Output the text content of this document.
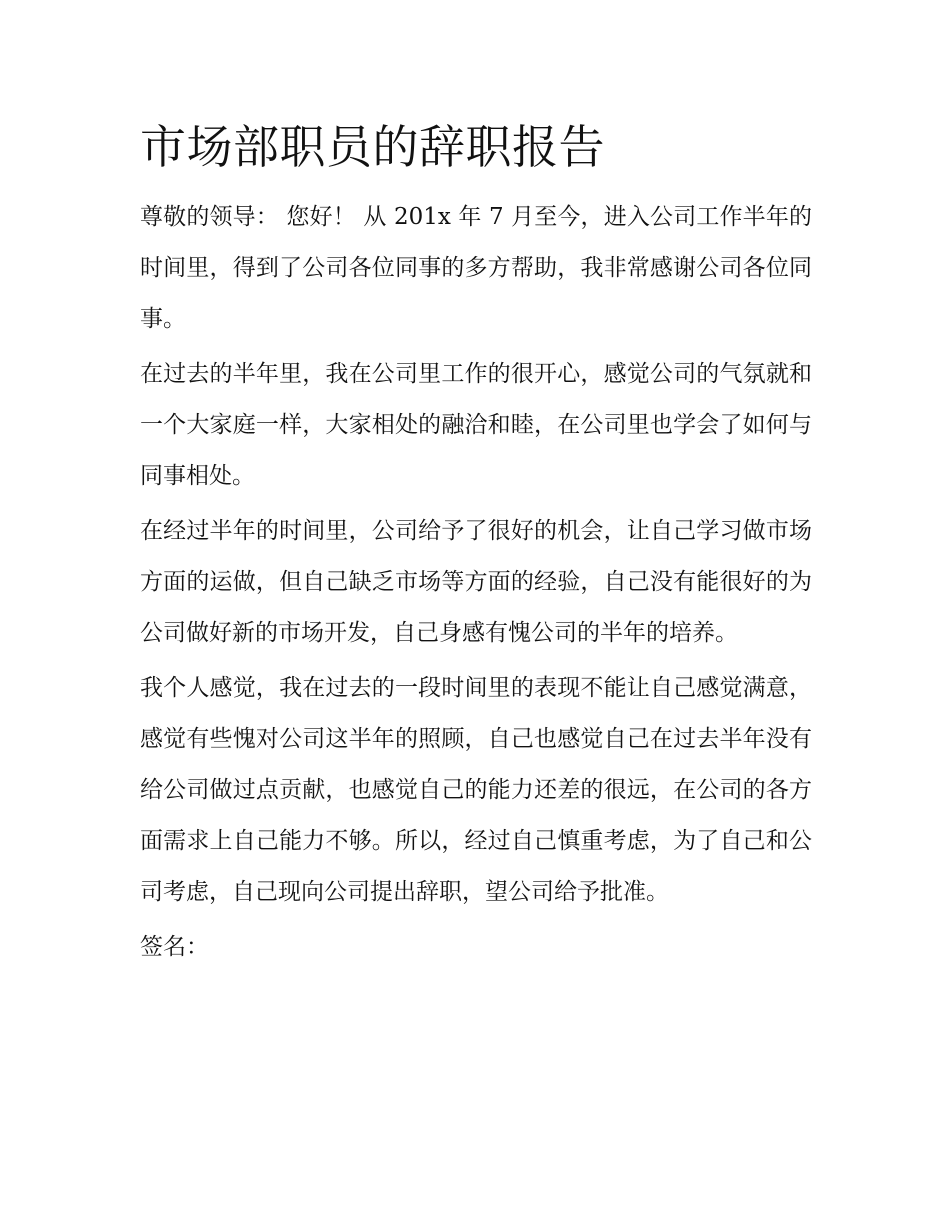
市场部职员的辞职报告

尊敬的领导： 您好！ 从 201x 年 7 月至今，进入公司工作半年的时间里，得到了公司各位同事的多方帮助，我非常感谢公司各位同事。

在过去的半年里，我在公司里工作的很开心，感觉公司的气氛就和一个大家庭一样，大家相处的融洽和睦，在公司里也学会了如何与同事相处。

在经过半年的时间里，公司给予了很好的机会，让自己学习做市场方面的运做，但自己缺乏市场等方面的经验，自己没有能很好的为公司做好新的市场开发，自己身感有愧公司的半年的培养。

我个人感觉，我在过去的一段时间里的表现不能让自己感觉满意，感觉有些愧对公司这半年的照顾，自己也感觉自己在过去半年没有给公司做过点贡献，也感觉自己的能力还差的很远，在公司的各方面需求上自己能力不够。所以，经过自己慎重考虑，为了自己和公司考虑，自己现向公司提出辞职，望公司给予批准。

签名：
